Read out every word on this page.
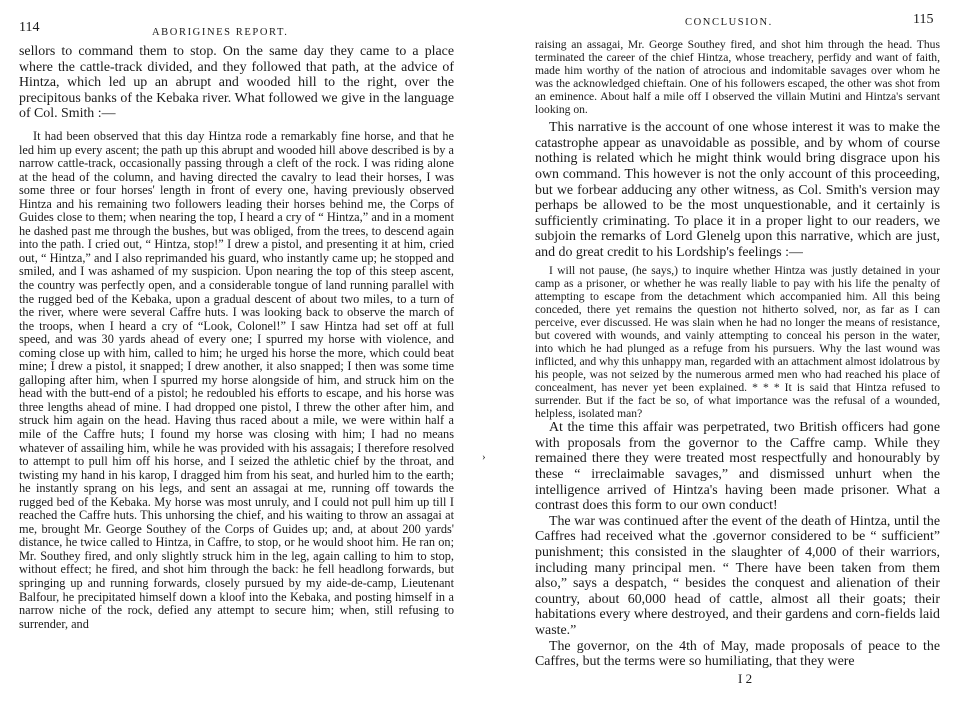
114	ABORIGINES REPORT.

sellors to command them to stop. On the same day they came to a place where the cattle-track divided, and they followed that path, at the advice of Hintza, which led up an abrupt and wooded hill to the right, over the precipitous banks of the Kebaka river. What followed we give in the language of Col. Smith :—

It had been observed that this day Hintza rode a remarkably fine horse, and that he led him up every ascent; the path up this abrupt and wooded hill above described is by a narrow cattle-track, occasionally passing through a cleft of the rock. I was riding alone at the head of the column, and having directed the cavalry to lead their horses, I was some three or four horses' length in front of every one, having previously observed Hintza and his remaining two followers leading their horses behind me, the Corps of Guides close to them; when nearing the top, I heard a cry of “ Hintza,” and in a moment he dashed past me through the bushes, but was obliged, from the trees, to descend again into the path. I cried out, “ Hintza, stop!” I drew a pistol, and presenting it at him, cried out, “ Hintza,” and I also reprimanded his guard, who instantly came up; he stopped and smiled, and I was ashamed of my suspicion. Upon nearing the top of this steep ascent, the country was perfectly open, and a considerable tongue of land running parallel with the rugged bed of the Kebaka, upon a gradual descent of about two miles, to a turn of the river, where were several Caffre huts. I was looking back to observe the march of the troops, when I heard a cry of “Look, Colonel!” I saw Hintza had set off at full speed, and was 30 yards ahead of every one; I spurred my horse with violence, and coming close up with him, called to him; he urged his horse the more, which could beat mine; I drew a pistol, it snapped; I drew another, it also snapped; I then was some time galloping after him, when I spurred my horse alongside of him, and struck him on the head with the butt-end of a pistol; he redoubled his efforts to escape, and his horse was three lengths ahead of mine. I had dropped one pistol, I threw the other after him, and struck him again on the head. Having thus raced about a mile, we were within half a mile of the Caffre huts; I found my horse was closing with him; I had no means whatever of assailing him, while he was provided with his assagais; I therefore resolved to attempt to pull him off his horse, and I seized the athletic chief by the throat, and twisting my hand in his karop, I dragged him from his seat, and hurled him to the earth; he instantly sprang on his legs, and sent an assagai at me, running off towards the rugged bed of the Kebaka. My horse was most unruly, and I could not pull him up till I reached the Caffre huts. This unhorsing the chief, and his waiting to throw an assagai at me, brought Mr. George Southey of the Corps of Guides up; and, at about 200 yards' distance, he twice called to Hintza, in Caffre, to stop, or he would shoot him. He ran on; Mr. Southey fired, and only slightly struck him in the leg, again calling to him to stop, without effect; he fired, and shot him through the back: he fell headlong forwards, but springing up and running forwards, closely pursued by my aide-de-camp, Lieutenant Balfour, he precipitated himself down a kloof into the Kebaka, and posting himself in a narrow niche of the rock, defied any attempt to secure him; when, still refusing to surrender, and

›
CONCLUSION.	115

raising an assagai, Mr. George Southey fired, and shot him through the head. Thus terminated the career of the chief Hintza, whose treachery, perfidy and want of faith, made him worthy of the nation of atrocious and indomitable savages over whom he was the acknowledged chieftain. One of his followers escaped, the other was shot from an eminence. About half a mile off I observed the villain Mutini and Hintza's servant looking on.

This narrative is the account of one whose interest it was to make the catastrophe appear as unavoidable as possible, and by whom of course nothing is related which he might think would bring disgrace upon his own command. This however is not the only account of this proceeding, but we forbear adducing any other witness, as Col. Smith's version may perhaps be allowed to be the most unquestionable, and it certainly is sufficiently criminating. To place it in a proper light to our readers, we subjoin the remarks of Lord Glenelg upon this narrative, which are just, and do great credit to his Lordship's feelings :—

I will not pause, (he says,) to inquire whether Hintza was justly detained in your camp as a prisoner, or whether he was really liable to pay with his life the penalty of attempting to escape from the detachment which accompanied him. All this being conceded, there yet remains the question not hitherto solved, nor, as far as I can perceive, ever discussed. He was slain when he had no longer the means of resistance, but covered with wounds, and vainly attempting to conceal his person in the water, into which he had plunged as a refuge from his pursuers. Why the last wound was inflicted, and why this unhappy man, regarded with an attachment almost idolatrous by his people, was not seized by the numerous armed men who had reached his place of concealment, has never yet been explained. * * * It is said that Hintza refused to surrender. But if the fact be so, of what importance was the refusal of a wounded, helpless, isolated man?

At the time this affair was perpetrated, two British officers had gone with proposals from the governor to the Caffre camp. While they remained there they were treated most respectfully and honourably by these “ irreclaimable savages,” and dismissed unhurt when the intelligence arrived of Hintza's having been made prisoner. What a contrast does this form to our own conduct!

The war was continued after the event of the death of Hintza, until the Caffres had received what the .governor considered to be “ sufficient” punishment; this consisted in the slaughter of 4,000 of their warriors, including many principal men. “ There have been taken from them also,” says a despatch, “ besides the conquest and alienation of their country, about 60,000 head of cattle, almost all their goats; their habitations every where destroyed, and their gardens and corn-fields laid waste.”

The governor, on the 4th of May, made proposals of peace to the Caffres, but the terms were so humiliating, that they were

I 2
